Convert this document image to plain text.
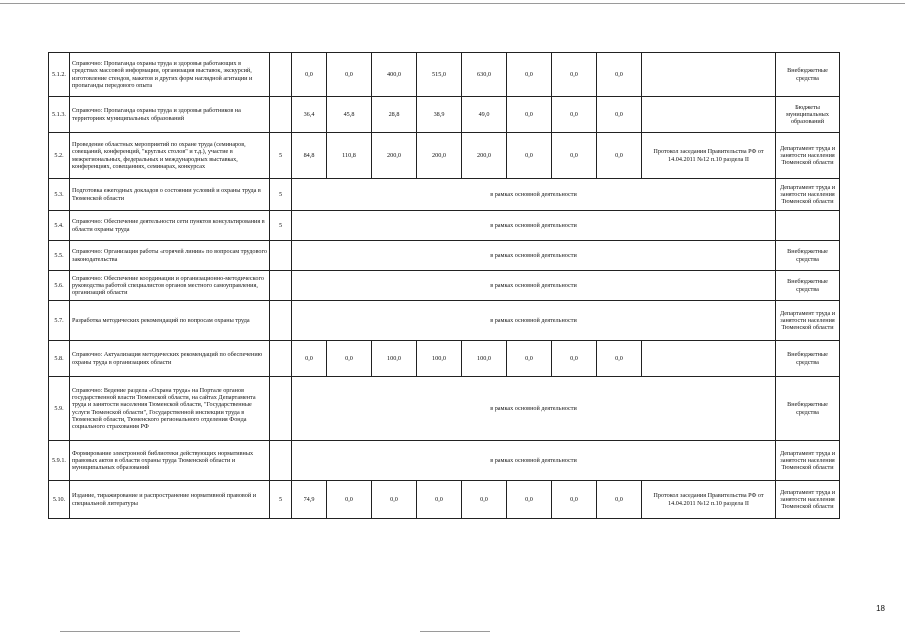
5.1.2.	Справочно: Пропаганда охраны труда и здоровья работающих в средствах массовой информации, организация выставок, экскурсий, изготовление стендов, макетов и других форм наглядной агитации и пропаганды передового опыта		0,0	0,0	400,0	515,0	630,0	0,0	0,0	0,0		Внебюджетные средства
5.1.3.	Справочно: Пропаганда охраны труда и здоровья работников на территориях муниципальных образований		36,4	45,8	28,8	38,9	49,0	0,0	0,0	0,0		Бюджеты муниципальных образований
5.2.	Проведение областных мероприятий по охране труда (семинаров, совещаний, конференций, "круглых столов" и т.д.), участие в межрегиональных, федеральных и международных выставках, конференциях, совещаниях, семинарах, конкурсах	5	84,8	110,8	200,0	200,0	200,0	0,0	0,0	0,0	Протокол заседания Правительства РФ от 14.04.2011 №12 п.10 раздела II	Департамент труда и занятости населения Тюменской области
5.3.	Подготовка ежегодных докладов о состоянии условий и охраны труда в Тюменской области	5	в рамках основной деятельности									Департамент труда и занятости населения Тюменской области
5.4.	Справочно: Обеспечение деятельности сети пунктов консультирования в области охраны труда	5	в рамках основной деятельности									
5.5.	Справочно: Организация работы «горячей линии» по вопросам трудового законодательства		в рамках основной деятельности									Внебюджетные средства
5.6.	Справочно: Обеспечение координации и организационно-методического руководства работой специалистов органов местного самоуправления, организаций области		в рамках основной деятельности									Внебюджетные средства
5.7.	Разработка методических рекомендаций по вопросам охраны труда		в рамках основной деятельности									Департамент труда и занятости населения Тюменской области
5.8.	Справочно: Актуализация методических рекомендаций по обеспечению охраны труда в организациях области		0,0	0,0	100,0	100,0	100,0	0,0	0,0	0,0		Внебюджетные средства
5.9.	Справочно: Ведение раздела «Охрана труда» на Портале органов государственной власти Тюменской области, на сайтах Департамента труда и занятости населения Тюменской области, "Государственные услуги Тюменской области", Государственной инспекции труда в Тюменской области, Тюменского регионального отделения Фонда социального страхования РФ		в рамках основной деятельности									Внебюджетные средства
5.9.1.	Формирование электронной библиотеки действующих нормативных правовых актов в области охраны труда Тюменской области и муниципальных образований		в рамках основной деятельности									Департамент труда и занятости населения Тюменской области
5.10.	Издание, тиражирование и распространение нормативной правовой и специальной литературы	5	74,9	0,0	0,0	0,0	0,0	0,0	0,0	0,0	Протокол заседания Правительства РФ от 14.04.2011 №12 п.10 раздела II	Департамент труда и занятости населения Тюменской области
18
